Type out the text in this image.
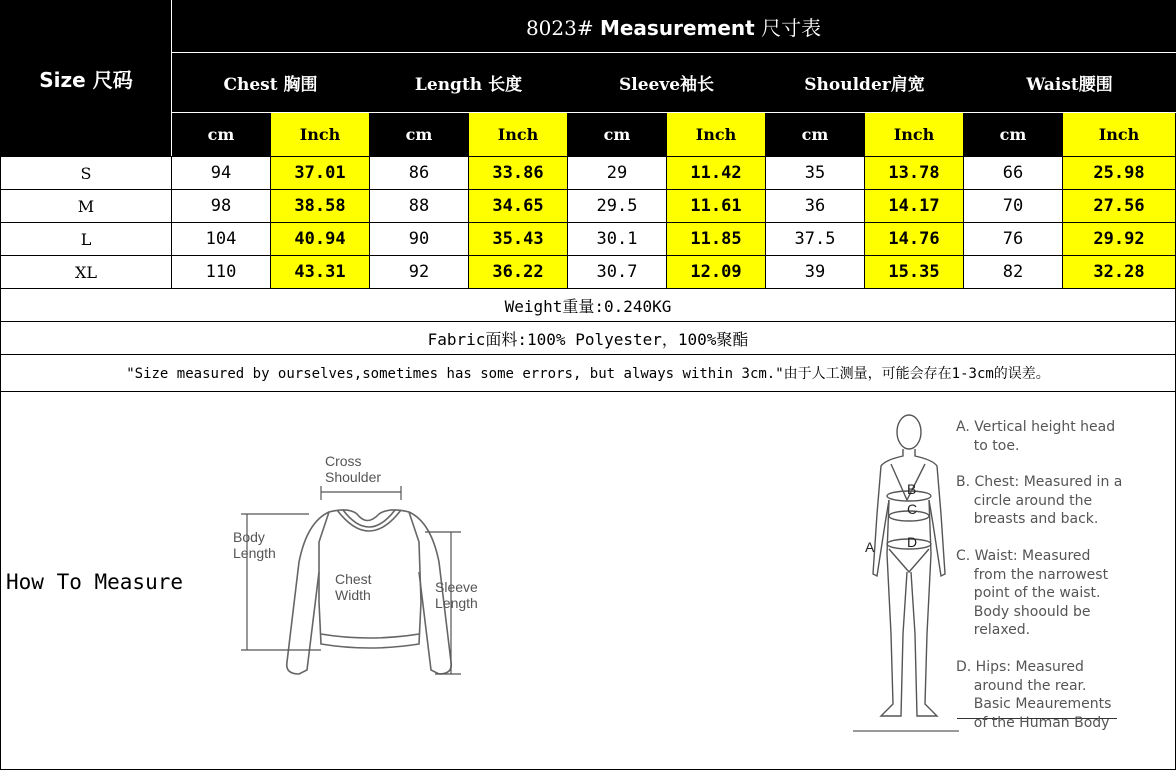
Size 尺码	8023# Measurement 尺寸表									
	Chest 胸围		Length 长度		Sleeve袖长		Shoulder肩宽		Waist腰围	
	cm	Inch	cm	Inch	cm	Inch	cm	Inch	cm	Inch
S	94	37.01	86	33.86	29	11.42	35	13.78	66	25.98
M	98	38.58	88	34.65	29.5	11.61	36	14.17	70	27.56
L	104	40.94	90	35.43	30.1	11.85	37.5	14.76	76	29.92
XL	110	43.31	92	36.22	30.7	12.09	39	15.35	82	32.28
Weight重量:0.240KG										
Fabric面料:100% Polyester，100%聚酯										
"Size measured by ourselves,sometimes has some errors, but always within 3cm."由于人工测量，可能会存在1-3cm的误差。										
How To Measure
Cross Shoulder
Body Length
Chest Width	Sleeve Length
B
C
D
A
A. Vertical height head
to toe.
B. Chest: Measured in a
circle around the
breasts and back.
C. Waist: Measured
from the narrowest
point of the waist.
Body shoould be
relaxed.
D. Hips: Measured
around the rear.
Basic Meaurements
of the Human Body
